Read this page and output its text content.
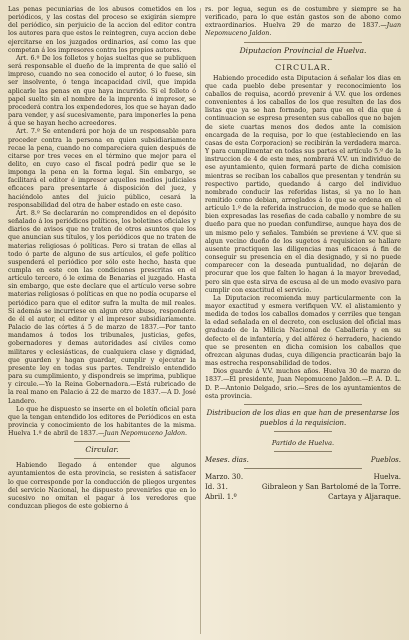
Las penas pecuniarias de los abusos cometidos en los periódicos, y las costas del proceso se exigirán siempre del periódico, sin perjuicio de la accion del editor contra los autores para que estos le reintegren, cuya accion debe ejercitarse en los juzgados ordinarios, así como las que competan á los impresores contra los propios autores.

Art. 6.º De los folletos y hojas sueltas que se publiquen será responsable el dueño de la imprenta de que salió el impreso, cuando no sea conocido el autor, ó lo fuese, sin ser insolvente, ó tenga incapacidad civil, que impida aplicarle las penas en que haya incurrido. Si el folleto ó papel suelto sin el nombre de la imprenta é impresor, se procederá contra los expendedores, los que se hayan dado para vender, y así sucesivamente, para imponerles la pena á que se hayan hecho acreedores.

Art. 7.º Se entenderá por hoja de un responsable para proceder contra la persona en quien subsidiariamente recae la pena, cuando no compareciera quien después de citarse por tres veces en el término que mejor para el delito, en cuyo caso el fiscal podrá pedir que se le imponga la pena en la forma legal. Sin embargo, se facilitará el editor é impresor aquellos medios judiciales eficaces para presentarle á disposición del juez, y haciéndolo antes del juicio público, cesará la responsabilidad del otra de haber estado en este caso.

Art. 8.º Se declararán no comprendidos en el depósito señalado á los periódicos políticos, los boletines oficiales y diarios de avisos que no traten de otros asuntos que los que anuncian sus títulos, y los periódicos que no traten de materias religiosas ó políticas. Pero si tratan de ellas al todo ó parte de alguno de sus artículos, el gefe político suspenderá el periódico por sólo este hecho, hasta que cumpla en este con las condiciones prescritas en el artículo tercero, ó le exima de Benarias el juzgado. Hasta sin embargo, que este declare que el artículo verse sobre materias religiosas ó políticas en que no podía ocuparse el periódico para que el editor sufra la multa de mil reales. Si además se incurriese en algun otro abuso, responderá de él el autor, el editor y el impresor subsidiariamente. Palacio de las córtes á 5 de marzo de 1837.—Por tanto mandamos á todos los tribunales, justicias, gefes, gobernadores y demas autoridades así civiles como militares y eclesiásticas, de cualquiera clase y dignidad, que guarden y hagan guardar, cumplir y ejecutar la presente ley en todas sus partes. Tendreislo entendido para su cumplimiento, y dispondreis se imprima, publique y circule.—Yo la Reina Gobernadora.—Está rubricado de la real mano en Palacio á 22 de marzo de 1837.—A D. José Landero.

Lo que he dispuesto se inserte en el boletín oficial para que la tengan entendido los editores de Periódicos en esta provincia y conocimiento de los habitantes de la misma. Huelva 1.º de abril de 1837.—Juan Nepomuceno Jaldon.

Circular.

Habiendo llegado á entender que algunos ayuntamientos de esta provincia, se resisten á satisfacer lo que corresponde por la conducción de pliegos urgentes del servicio Nacional, he dispuesto prevenirles que en lo sucesivo no omitan el pagar á los veredores que conduzcan pliegos de este gobierno á

rs. por legua, segun es de costumbre y siempre se ha verificado, para lo que están gastos son de abono como extraordinarios. Huelva 29 de marzo de 1837.—Juan Nepomuceno Jaldon.

Diputacion Provincial de Huelva.
CIRCULAR.

Habiendo procedido esta Diputacion á señalar los dias en que cada pueblo debe presentar y reconocimiento los caballos de requisa, acordó prevenir á V.V. que los ordenes convenientes á los caballos de los que resulten de las dos listas que ya se han formado, para que en el dia que á continuacion se espresa presenten sus caballos que no bajen de siete cuartas menos dos dedos ante la comision encargada de la requisa, por lo que (estableciendo en las casas de esta Corporacion) se recibirán la verdadera marca. Y para cumplimentar en todas sus partes el artículo 5.º de la instruccion de 4 de este mes, nombrará V.V. un individuo de ese ayuntamiento, quien formará parte de dicha comision mientras se reciban los caballos que presentan y tendrán su respectivo partido, quedando á cargo del individuo nombrado conducir las referidas listas, si ya no lo han remitido como debian, arreglados á lo que se ordena en el artículo 1.º de la referida instruccion, de modo que se hallen bien expresadas las reseñas de cada caballo y nombre de su dueño para que no puedan confundirse, aunque haya dos de un mismo pelo y señales. También se previene á V.V. que si algun vecino dueño de los sugetos á requisicion se hallare ausente practiquen las diligencias mas eficaces á fin de conseguir su presencia en el dia designado, y si no puede comparecer con la deseada puntualidad, no dejarán de procurar que los que falten lo hagan á la mayor brevedad, pero sin que esta sirva de escusa al de un modo evasivo para cumplir con exactitud el servicio.

La Diputacion recomienda muy particularmente con la mayor exactitud y esmera verifiquen V.V. el alistamiento y medida de todos los caballos domados y cerriles que tengan la edad señalada en el decreto, con esclusion del oficial mas graduado de la Milicia Nacional de Caballería y en su defecto el de infantería, y del alférez ó herradero, haciendo que se presenten en dicha comision los caballos que ofrezcan algunas dudas, cuya diligencia practicarán bajo la mas estrecha responsabilidad de todos.

Dios guarde á V.V. muchos años. Huelva 30 de marzo de 1837.—El presidente, Juan Nepomuceno Jaldon.—P. A. D. L. D. P.—Antonio Delgado, srio.—Sres de los ayuntamientos de esta provincia.

Distribucion de los dias en que han de presentarse los pueblos á la requisicion.
Partido de Huelva.
Meses. dias.	Pueblos.
Marzo. 30.	Huelva.
Id. 31.	Gibraleon y San Bartolomé de la Torre.
Abril. 1.º	Cartaya y Aljaraque.
